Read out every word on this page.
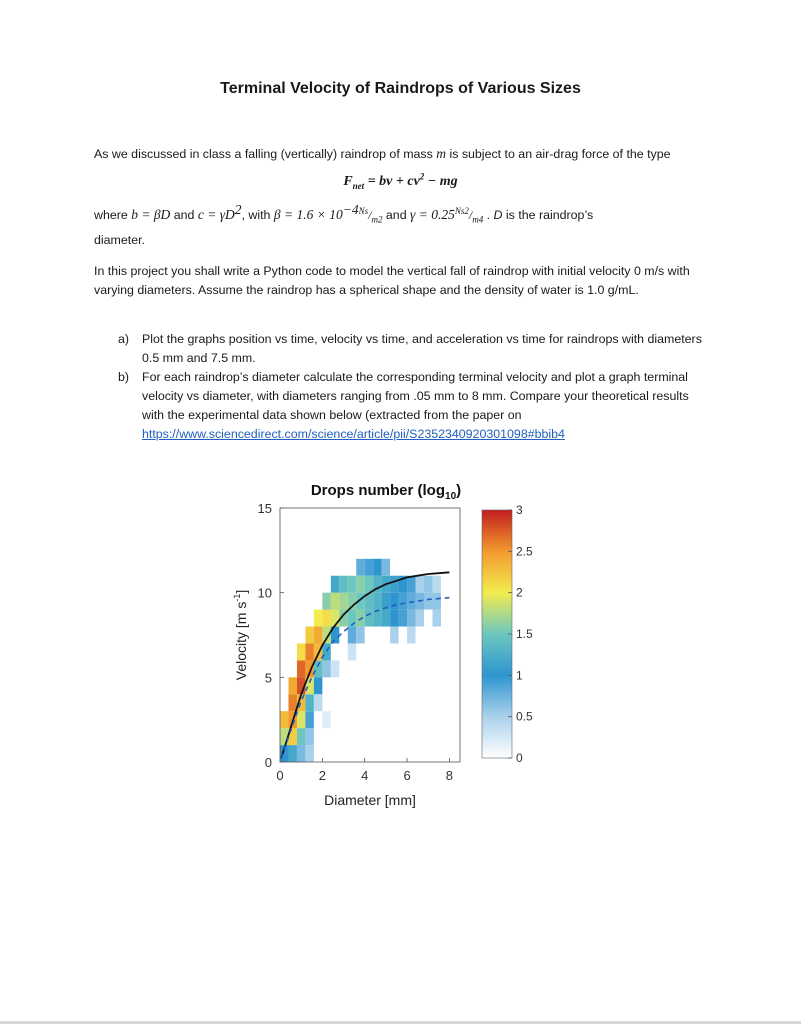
Terminal Velocity of Raindrops of Various Sizes
As we discussed in class a falling (vertically) raindrop of mass m is subject to an air-drag force of the type
$F_{net}$ = bv + $cv^2$ − mg
where b = βD and $c = \gamma D^2$, with $\beta = 1.6 \times 10^{-4Ns}/_{m2}$ and $\gamma = 0.25^{Ns2}/_{m4}$ . D is the raindrop’s
diameter.
In this project you shall write a Python code to model the vertical fall of raindrop with initial velocity 0 m/s with varying diameters. Assume the raindrop has a spherical shape and the density of water is 1.0 g/mL.
a) Plot the graphs position vs time, velocity vs time, and acceleration vs time for raindrops with diameters 0.5 mm and 7.5 mm.
b) For each raindrop’s diameter calculate the corresponding terminal velocity and plot a graph terminal velocity vs diameter, with diameters ranging from .05 mm to 8 mm. Compare your theoretical results with the experimental data shown below (extracted from the paper on https://www.sciencedirect.com/science/article/pii/S2352340920301098#bbib4
0	2	4	6	8
0
5
10
15
Drops number $(\log_{10})$
Diameter [mm]
Velocity [m $s^{-1}$]
0
0.5
1
1.5
2
2.5
3
